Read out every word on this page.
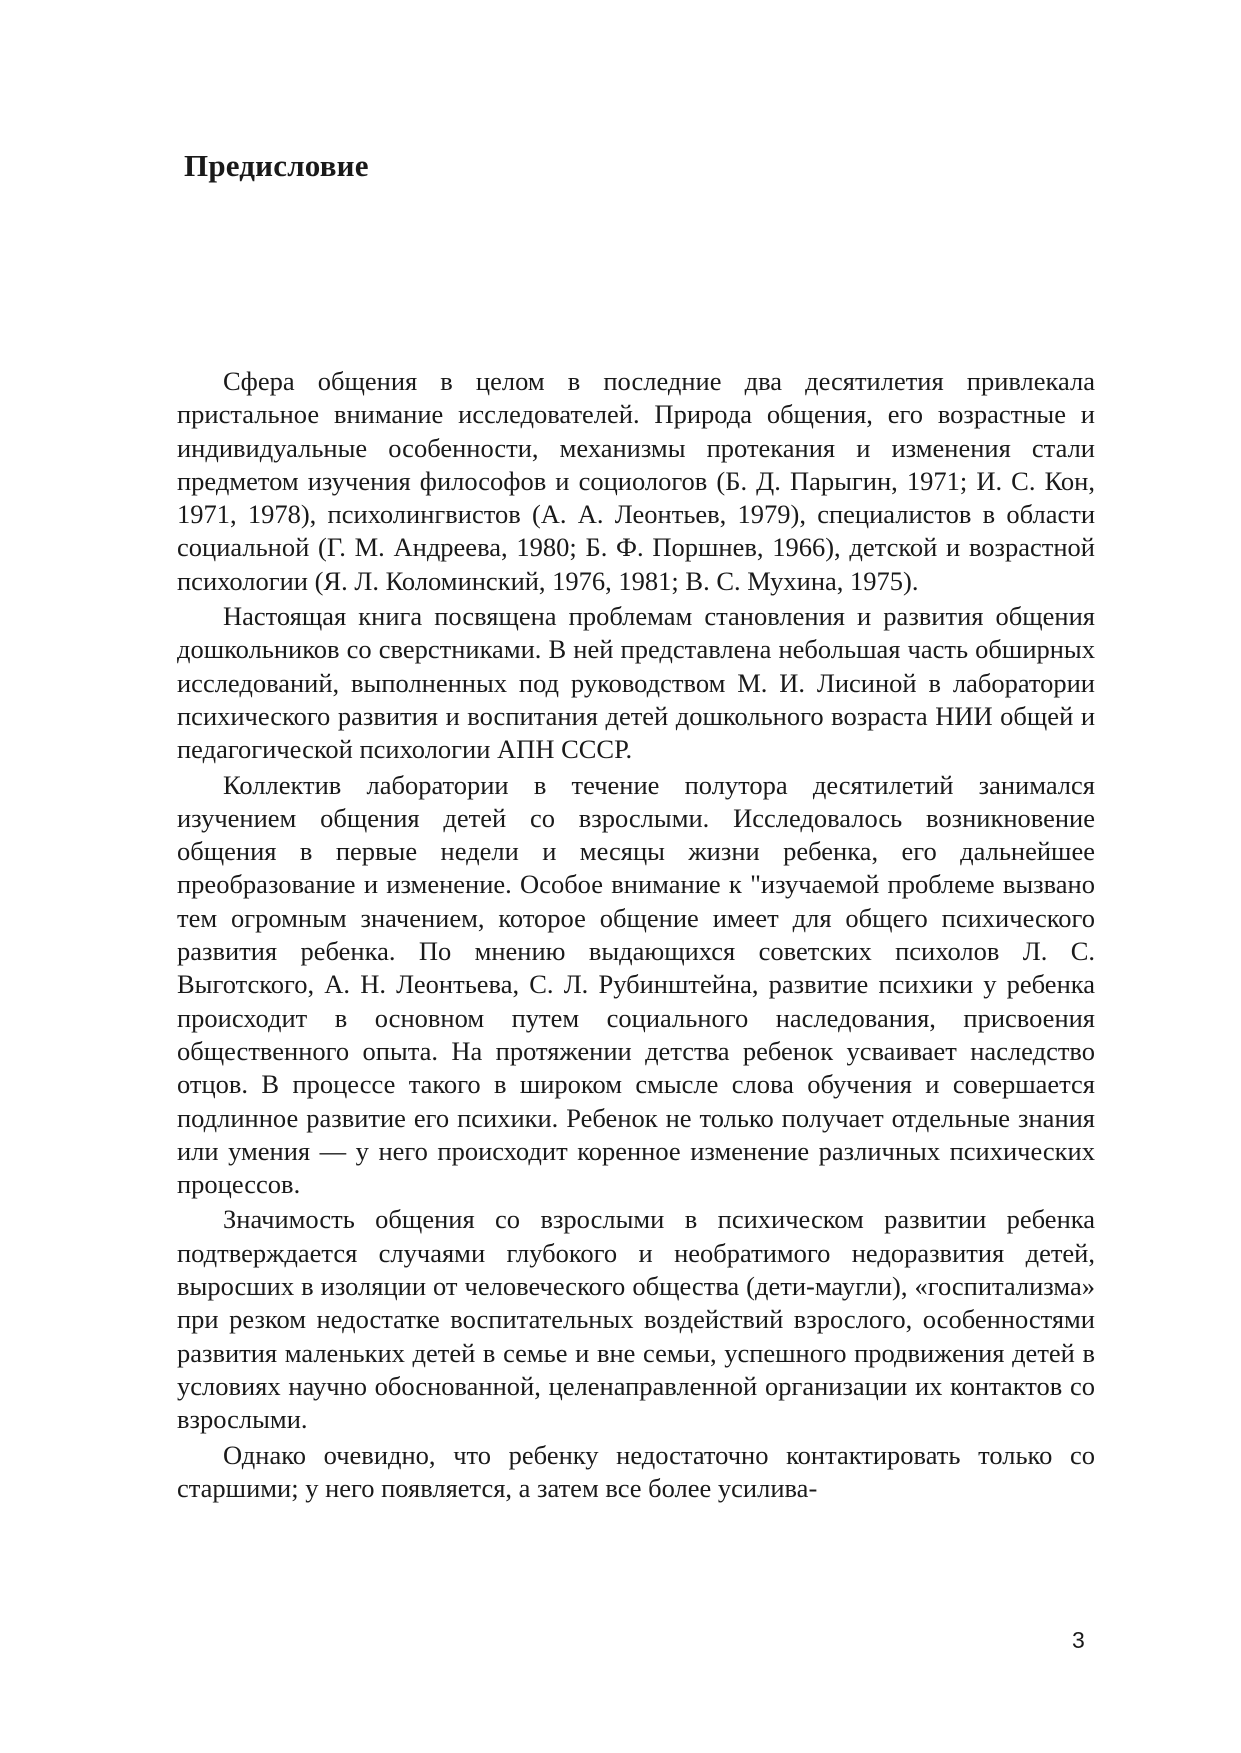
Предисловие

Сфера общения в целом в последние два десятилетия привлекала пристальное внимание исследователей. Природа общения, его возрастные и индивидуальные особенности, механизмы протекания и изменения стали предметом изучения философов и социологов (Б. Д. Парыгин, 1971; И. С. Кон, 1971, 1978), психолингвистов (А. А. Леонтьев, 1979), специалистов в области социальной (Г. М. Андреева, 1980; Б. Ф. Поршнев, 1966), детской и возрастной психологии (Я. Л. Коломинский, 1976, 1981; В. С. Мухина, 1975).

Настоящая книга посвящена проблемам становления и развития общения дошкольников со сверстниками. В ней представлена небольшая часть обширных исследований, выполненных под руководством М. И. Лисиной в лаборатории психического развития и воспитания детей дошкольного возраста НИИ общей и педагогической психологии АПН СССР.

Коллектив лаборатории в течение полутора десятилетий занимался изучением общения детей со взрослыми. Исследовалось возникновение общения в первые недели и месяцы жизни ребенка, его дальнейшее преобразование и изменение. Особое внимание к "изучаемой проблеме вызвано тем огромным значением, которое общение имеет для общего психического развития ребенка. По мнению выдающихся советских психолов Л. С. Выготского, А. Н. Леонтьева, С. Л. Рубинштейна, развитие психики у ребенка происходит в основном путем социального наследования, присвоения общественного опыта. На протяжении детства ребенок усваивает наследство отцов. В процессе такого в широком смысле слова обучения и совершается подлинное развитие его психики. Ребенок не только получает отдельные знания или умения — у него происходит коренное изменение различных психических процессов.

Значимость общения со взрослыми в психическом развитии ребенка подтверждается случаями глубокого и необратимого недоразвития детей, выросших в изоляции от человеческого общества (дети-маугли), «госпитализма» при резком недостатке воспитательных воздействий взрослого, особенностями развития маленьких детей в семье и вне семьи, успешного продвижения детей в условиях научно обоснованной, целенаправленной организации их контактов со взрослыми.

Однако очевидно, что ребенку недостаточно контактировать только со старшими; у него появляется, а затем все более усилива-

3
